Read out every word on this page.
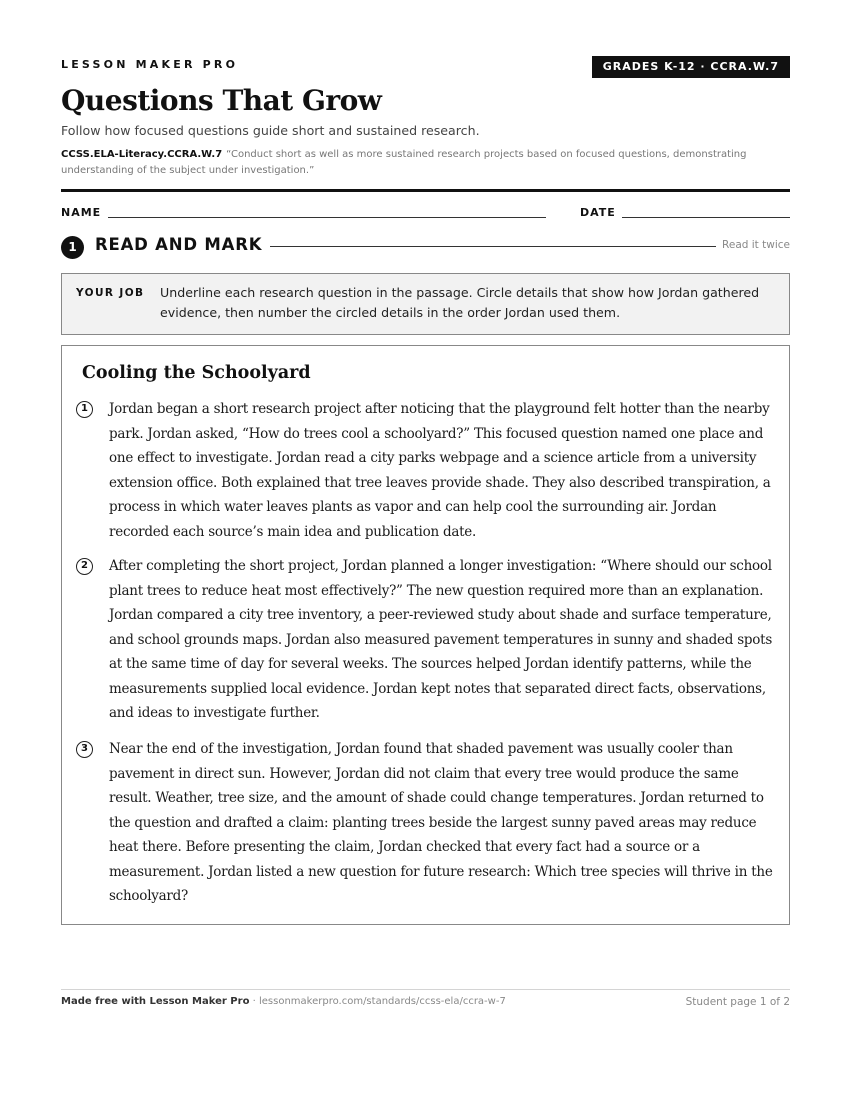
LESSON MAKER PRO	GRADES K-12 · CCRA.W.7
Questions That Grow
Follow how focused questions guide short and sustained research.
CCSS.ELA-Literacy.CCRA.W.7 “Conduct short as well as more sustained research projects based on focused questions, demonstrating understanding of the subject under investigation.”
NAME	DATE
1	READ AND MARK	Read it twice
YOUR JOB Underline each research question in the passage. Circle details that show how Jordan gathered evidence, then number the circled details in the order Jordan used them.
Cooling the Schoolyard
1	Jordan began a short research project after noticing that the playground felt hotter than the nearby park. Jordan asked, “How do trees cool a schoolyard?” This focused question named one place and one effect to investigate. Jordan read a city parks webpage and a science article from a university extension office. Both explained that tree leaves provide shade. They also described transpiration, a process in which water leaves plants as vapor and can help cool the surrounding air. Jordan recorded each source’s main idea and publication date.
2	After completing the short project, Jordan planned a longer investigation: “Where should our school plant trees to reduce heat most effectively?” The new question required more than an explanation. Jordan compared a city tree inventory, a peer-reviewed study about shade and surface temperature, and school grounds maps. Jordan also measured pavement temperatures in sunny and shaded spots at the same time of day for several weeks. The sources helped Jordan identify patterns, while the measurements supplied local evidence. Jordan kept notes that separated direct facts, observations, and ideas to investigate further.
3	Near the end of the investigation, Jordan found that shaded pavement was usually cooler than pavement in direct sun. However, Jordan did not claim that every tree would produce the same result. Weather, tree size, and the amount of shade could change temperatures. Jordan returned to the question and drafted a claim: planting trees beside the largest sunny paved areas may reduce heat there. Before presenting the claim, Jordan checked that every fact had a source or a measurement. Jordan listed a new question for future research: Which tree species will thrive in the schoolyard?
Made free with Lesson Maker Pro · lessonmakerpro.com/standards/ccss-ela/ccra-w-7	Student page 1 of 2
